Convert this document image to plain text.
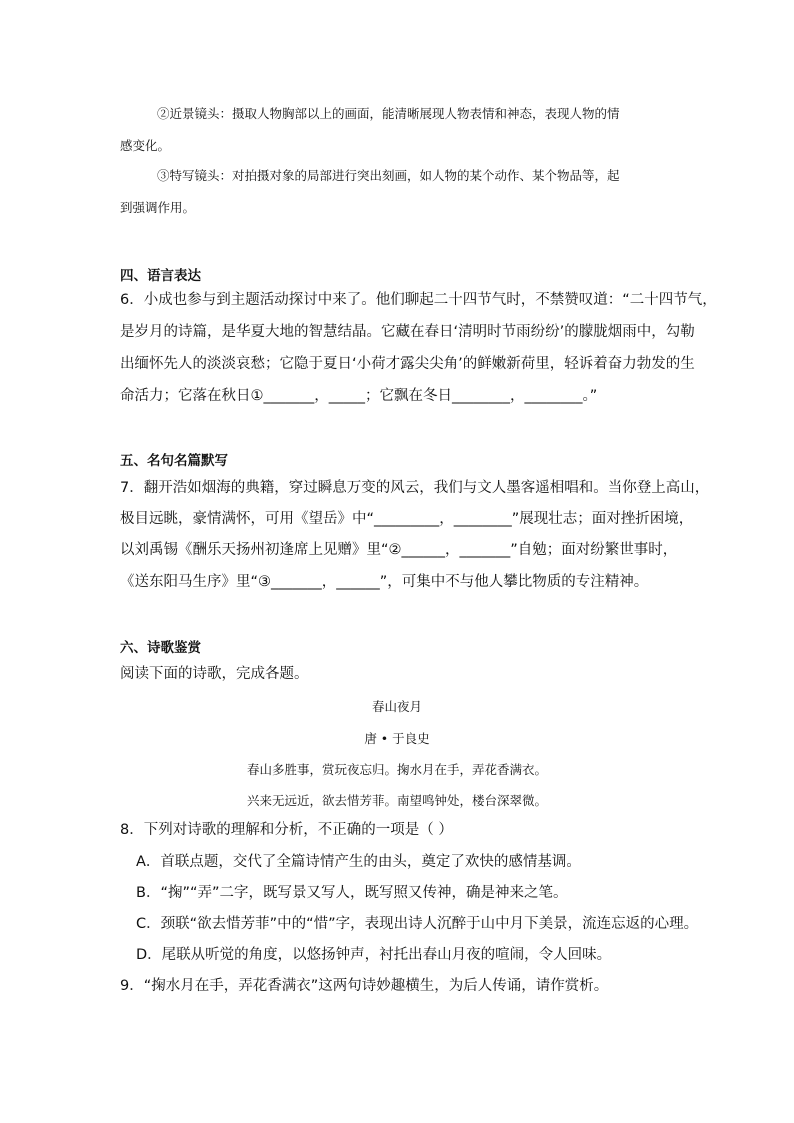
②近景镜头：摄取人物胸部以上的画面，能清晰展现人物表情和神态，表现人物的情
感变化。
③特写镜头：对拍摄对象的局部进行突出刻画，如人物的某个动作、某个物品等，起
到强调作用。
四、语言表达
6．小成也参与到主题活动探讨中来了。他们聊起二十四节气时，不禁赞叹道：“二十四节气，
是岁月的诗篇，是华夏大地的智慧结晶。它藏在春日‘清明时节雨纷纷’的朦胧烟雨中，勾勒
出缅怀先人的淡淡哀愁；它隐于夏日‘小荷才露尖尖角’的鲜嫩新荷里，轻诉着奋力勃发的生
命活力；它落在秋日①_______，_____；它飘在冬日________，________。”
五、名句名篇默写
7．翻开浩如烟海的典籍，穿过瞬息万变的风云，我们与文人墨客遥相唱和。当你登上高山，
极目远眺，豪情满怀，可用《望岳》中“_________，________”展现壮志；面对挫折困境，
以刘禹锡《酬乐天扬州初逢席上见赠》里“②______，_______”自勉；面对纷繁世事时，
《送东阳马生序》里“③_______，______”，可集中不与他人攀比物质的专注精神。
六、诗歌鉴赏
阅读下面的诗歌，完成各题。
春山夜月
唐 • 于良史
春山多胜事，赏玩夜忘归。掬水月在手，弄花香满衣。
兴来无远近，欲去惜芳菲。南望鸣钟处，楼台深翠微。
8．下列对诗歌的理解和分析，不正确的一项是（ ）
A．首联点题，交代了全篇诗情产生的由头，奠定了欢快的感情基调。
B．“掬”“弄”二字，既写景又写人，既写照又传神，确是神来之笔。
C．颈联“欲去惜芳菲”中的“惜”字，表现出诗人沉醉于山中月下美景，流连忘返的心理。
D．尾联从听觉的角度，以悠扬钟声，衬托出春山月夜的喧闹，令人回味。
9．“掬水月在手，弄花香满衣”这两句诗妙趣横生，为后人传诵，请作赏析。
